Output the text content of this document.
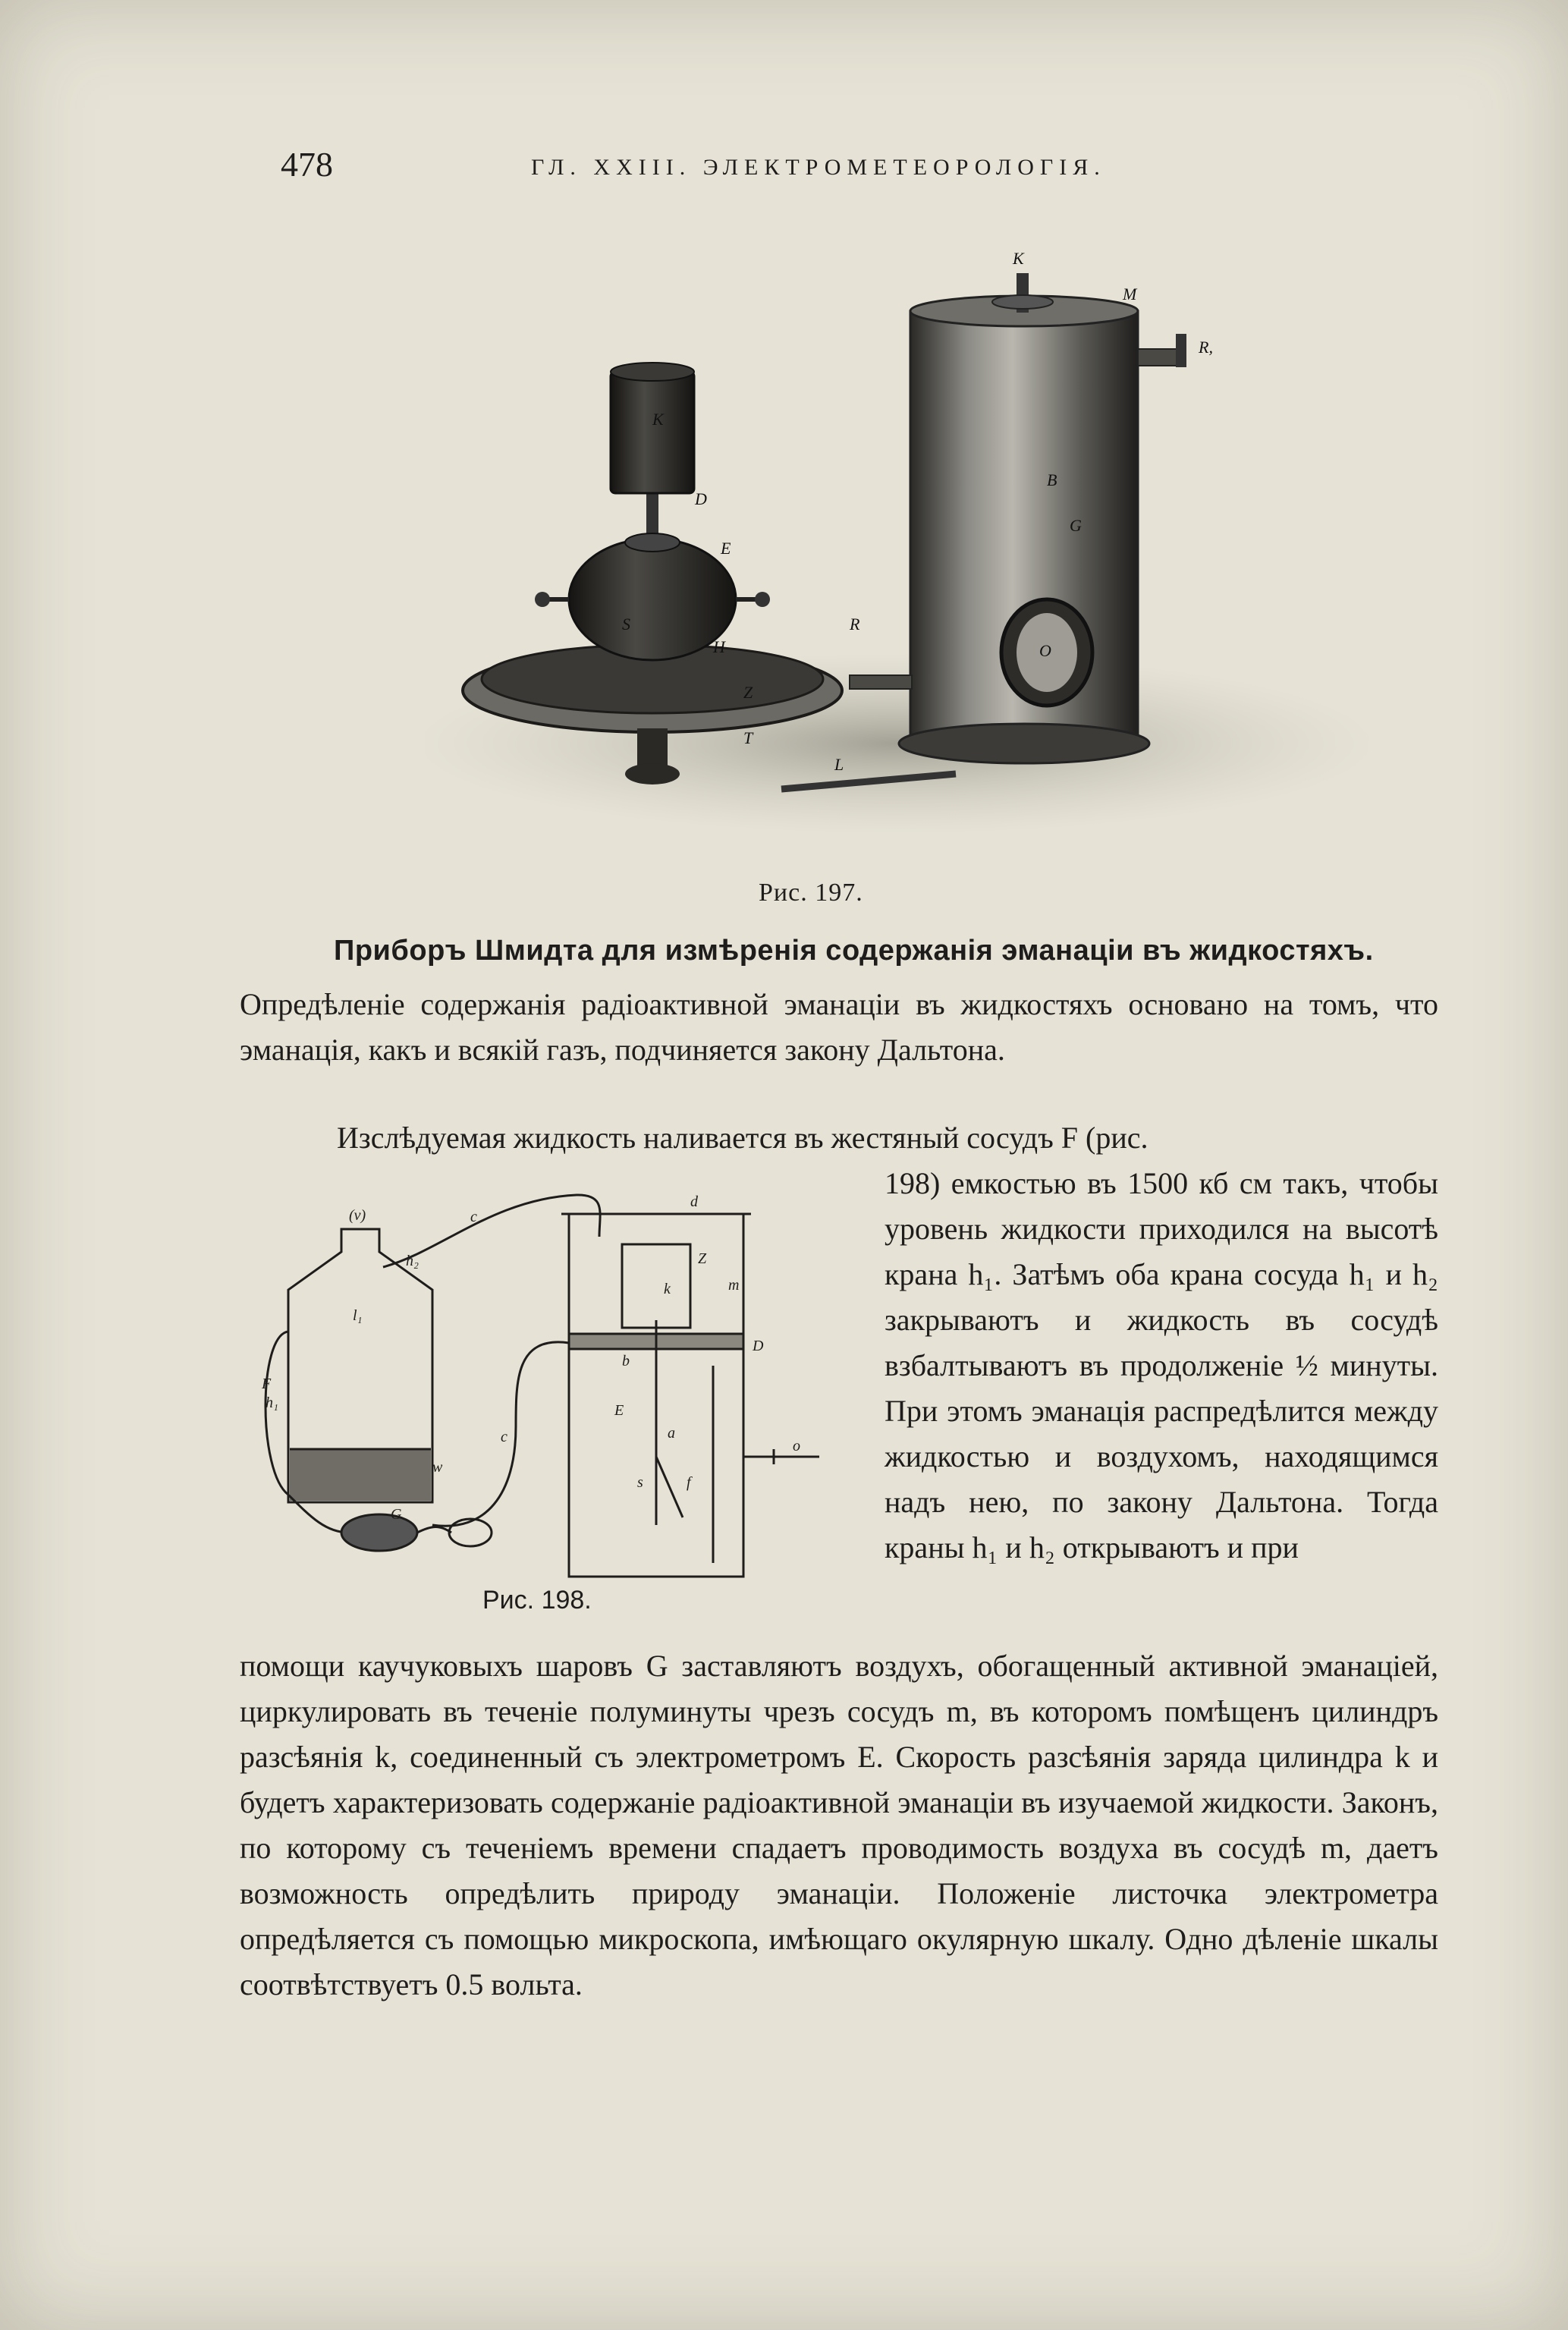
478	ГЛ. XXIII. ЭЛЕКТРОМЕТЕОРОЛОГІЯ.
K
K
M
R,
D
E
B
G
R
S
H
Z
T
O
L
Рис. 197.
Приборъ Шмидта для измѣренія содержанія эманаціи въ жидкостяхъ.

Опредѣленіе содержанія радіоактивной эманаціи въ жидкостяхъ основано на томъ, что эманація, какъ и всякій газъ, подчиняется закону Дальтона.

Изслѣдуемая жидкость наливается въ жестяный сосудъ F (рис.

198) емкостью въ 1500 кб см такъ, чтобы уровень жидкости приходился на высотѣ крана h₁. Затѣмъ оба крана сосуда h₁ и h₂ закрываютъ и жидкость въ сосудѣ взбалтываютъ въ продолженіе ½ минуты. При этомъ эманація распредѣлится между жидкостью и воздухомъ, находящимся надъ нею, по закону Дальтона. Тогда краны h₁ и h₂ открываютъ и при

(v)	c
d
F
h₁
h₂
l₁
w
G
Z
k	m
D
b
E
c	a
f
s
o
Рис. 198.

помощи каучуковыхъ шаровъ G заставляютъ воздухъ, обогащенный активной эманаціей, циркулировать въ теченіе полуминуты чрезъ сосудъ m, въ которомъ помѣщенъ цилиндръ разсѣянія k, соединенный съ электрометромъ E. Скорость разсѣянія заряда цилиндра k и будетъ характеризовать содержаніе радіоактивной эманаціи въ изучаемой жидкости. Законъ, по которому съ теченіемъ времени спадаетъ проводимость воздуха въ сосудѣ m, даетъ возможность опредѣлить природу эманаціи. Положеніе листочка электрометра опредѣляется съ помощью микроскопа, имѣющаго окулярную шкалу. Одно дѣленіе шкалы соотвѣтствуетъ 0.5 вольта.
